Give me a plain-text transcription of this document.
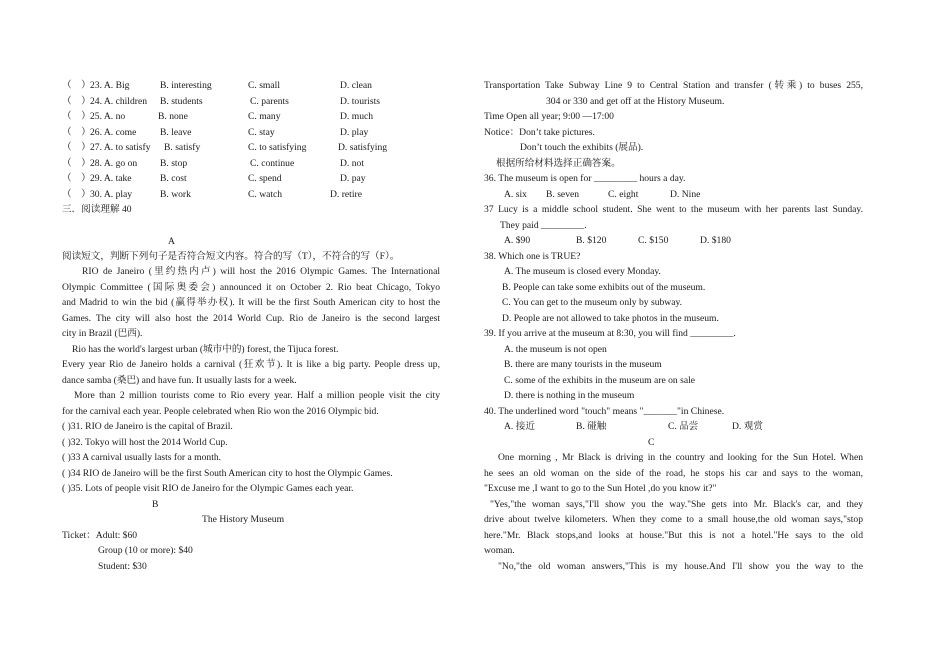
（　） 23. A. Big	B. interesting	C. small	D. clean
（　） 24. A. children B. students	C. parents	D. tourists
（　） 25. A. no	B. none	C. many	D. much
（　） 26. A. come B. leave	C. stay	D. play
（　） 27. A. to satisfy B. satisfy	C. to satisfying	D. satisfying
（　） 28. A. go on B. stop	C. continue	D. not
（　） 29. A. take	B. cost	C. spend	D. pay
（　） 30. A. play	B. work	C. watch	D. retire
三．阅读理解 40
A
阅读短文，判断下列句子是否符合短文内容。符合的写（T），不符合的写（F）。
RIO de Janeiro (里约热内卢) will host the 2016 Olympic Games. The International
Olympic Committee (国际奥委会) announced it on October 2. Rio beat Chicago, Tokyo
and Madrid to win the bid (赢得举办权). It will be the first South American city to host the
Games. The city will also host the 2014 World Cup. Rio de Janeiro is the second largest
city in Brazil (巴西).
Rio has the world's largest urban (城市中的) forest, the Tijuca forest.
Every year Rio de Janeiro holds a carnival (狂欢节). It is like a big party. People dress up,
dance samba (桑巴) and have fun. It usually lasts for a week.
More than 2 million tourists come to Rio every year. Half a million people visit the city
for the carnival each year. People celebrated when Rio won the 2016 Olympic bid.
( )31. RIO de Janeiro is the capital of Brazil.
( )32. Tokyo will host the 2014 World Cup.
( )33 A carnival usually lasts for a month.
( )34 RIO de Janeiro will be the first South American city to host the Olympic Games.
( )35. Lots of people visit RIO de Janeiro for the Olympic Games each year.
B
The History Museum
Ticket：Adult: $60
Group (10 or more): $40
Student: $30
Transportation Take Subway Line 9 to Central Station and transfer (转乘) to buses 255,
304 or 330 and get off at the History Museum.
Time Open all year; 9:00 —17:00
Notice：Don’t take pictures.
Don’t touch the exhibits (展品).
根据所给材料选择正确答案。
36. The museum is open for _________ hours a day.
A. six B. seven	C. eight	D. Nine
37 Lucy is a middle school student. She went to the museum with her parents last Sunday.
They paid _________.
A. $90	B. $120	C. $150	D. $180
38. Which one is TRUE?
A. The museum is closed every Monday.
B. People can take some exhibits out of the museum.
C. You can get to the museum only by subway.
D. People are not allowed to take photos in the museum.
39. If you arrive at the museum at 8:30, you will find _________.
A. the museum is not open
B. there are many tourists in the museum
C. some of the exhibits in the museum are on sale
D. there is nothing in the museum
40. The underlined word "touch" means "_______"in Chinese.
A. 接近	B. 碰触	C. 品尝	D. 观赏
C
One morning , Mr Black is driving in the country and looking for the Sun Hotel. When
he sees an old woman on the side of the road, he stops his car and says to the woman,
"Excuse me ,I want to go to the Sun Hotel ,do you know it?"
"Yes,"the woman says,"I'll show you the way."She gets into Mr. Black's car, and they
drive about twelve kilometers. When they come to a small house,the old woman says,"stop
here."Mr. Black stops,and looks at house."But this is not a hotel."He says to the old
woman.
"No,"the old woman answers,"This is my house.And I'll show you the way to the
